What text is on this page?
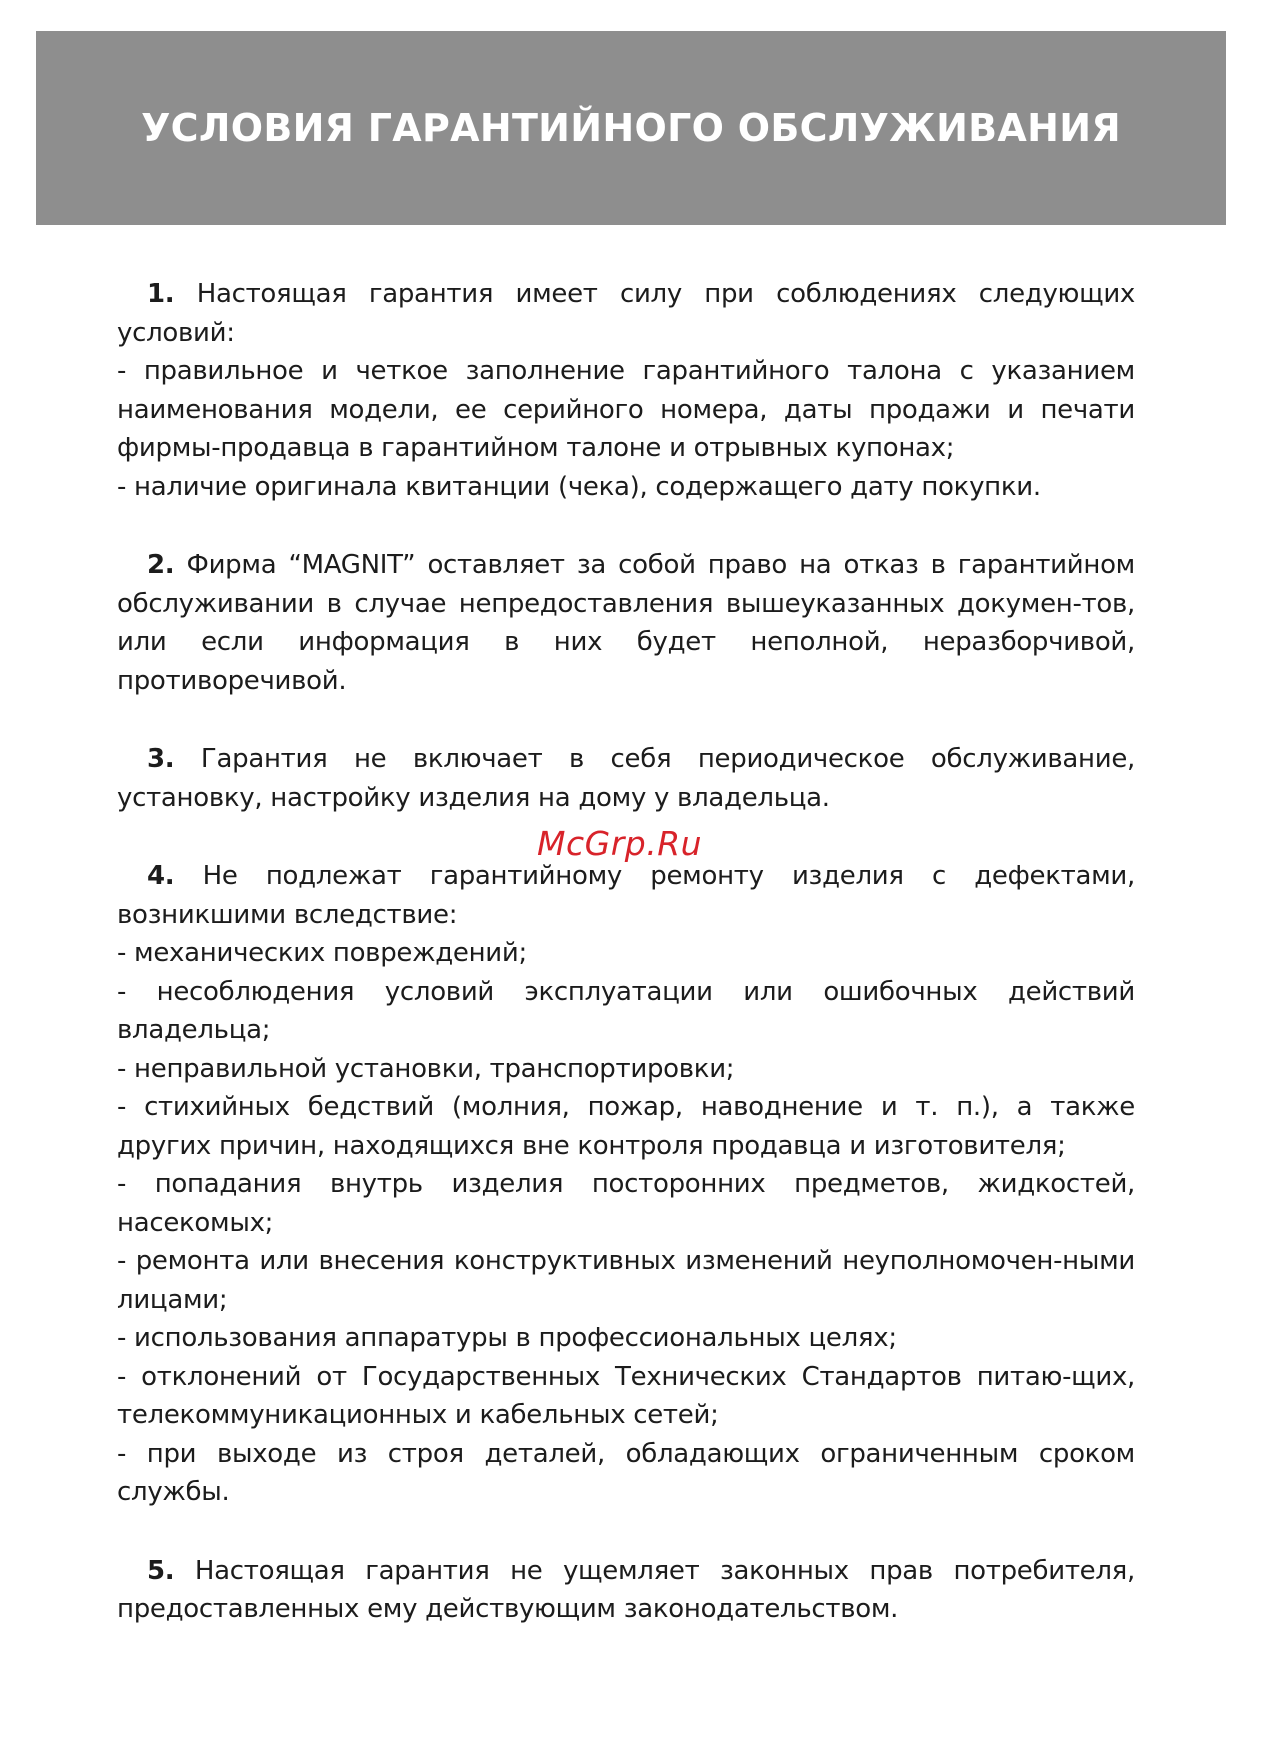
УСЛОВИЯ ГАРАНТИЙНОГО ОБСЛУЖИВАНИЯ

1. Настоящая гарантия имеет силу при соблюдениях следующих условий:

- правильное и четкое заполнение гарантийного талона с указанием наименования модели, ее серийного номера, даты продажи и печати фирмы-продавца в гарантийном талоне и отрывных купонах;

- наличие оригинала квитанции (чека), содержащего дату покупки.

2. Фирма “MAGNIT” оставляет за собой право на отказ в гарантийном обслуживании в случае непредоставления вышеуказанных докумен-тов, или если информация в них будет неполной, неразборчивой, противоречивой.

3. Гарантия не включает в себя периодическое обслуживание, установку, настройку изделия на дому у владельца.

4. Не подлежат гарантийному ремонту изделия с дефектами, возникшими вследствие:

- механических повреждений;

- несоблюдения условий эксплуатации или ошибочных действий владельца;

- неправильной установки, транспортировки;

- стихийных бедствий (молния, пожар, наводнение и т. п.), а также других причин, находящихся вне контроля продавца и изготовителя;

- попадания внутрь изделия посторонних предметов, жидкостей, насекомых;

- ремонта или внесения конструктивных изменений неуполномочен-ными лицами;

- использования аппаратуры в профессиональных целях;

- отклонений от Государственных Технических Стандартов питаю-щих, телекоммуникационных и кабельных сетей;

- при выходе из строя деталей, обладающих ограниченным сроком службы.

5. Настоящая гарантия не ущемляет законных прав потребителя, предоставленных ему действующим законодательством.

McGrp.Ru
